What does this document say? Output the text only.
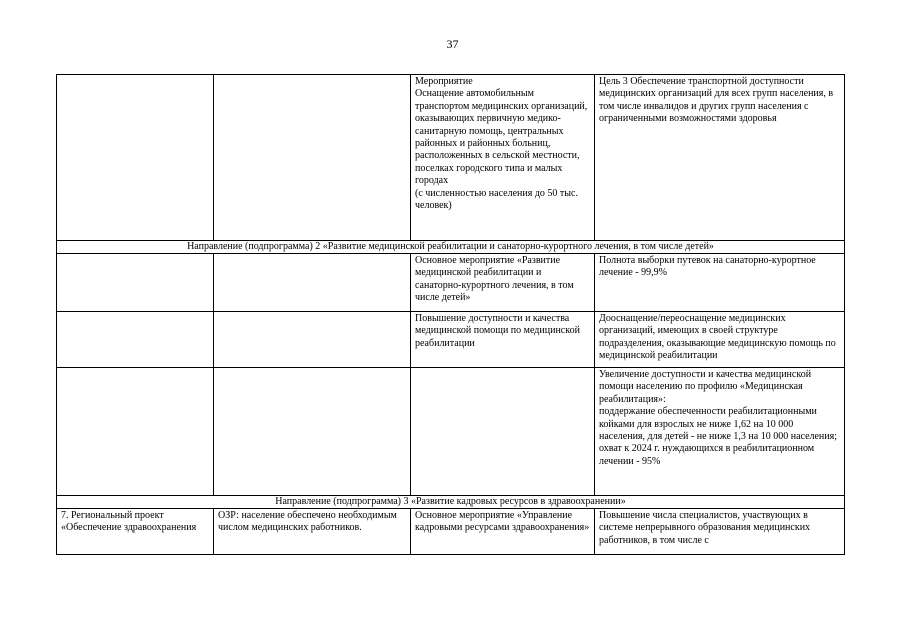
37

		Мероприятие
Оснащение автомобильным транспортом медицинских организаций, оказывающих первичную медико-санитарную помощь, центральных районных и районных больниц, расположенных в сельской местности, поселках городского типа и малых городах
(с численностью населения до 50 тыс. человек)	Цель 3 Обеспечение транспортной доступности медицинских организаций для всех групп населения, в том числе инвалидов и других групп населения с ограниченными возможностями здоровья
Направление (подпрограмма) 2 «Развитие медицинской реабилитации и санаторно-курортного лечения, в том числе детей»			
		Основное мероприятие «Развитие медицинской реабилитации и санаторно-курортного лечения, в том числе детей»	Полнота выборки путевок на санаторно-курортное лечение - 99,9%
		Повышение доступности и качества медицинской помощи по медицинской реабилитации	Дооснащение/переоснащение медицинских организаций, имеющих в своей структуре подразделения, оказывающие медицинскую помощь по медицинской реабилитации

			Увеличение доступности и качества медицинской помощи населению по профилю «Медицинская реабилитация»:
поддержание обеспеченности реабилитационными койками для взрослых не ниже 1,62 на 10 000 населения, для детей - не ниже 1,3 на 10 000 населения;
охват к 2024 г. нуждающихся в реабилитационном лечении - 95%

Направление (подпрограмма) 3 «Развитие кадровых ресурсов в здравоохранении»			
7. Региональный проект «Обеспечение здравоохранения	ОЗР: население обеспечено необходимым числом медицинских работников.	Основное мероприятие «Управление кадровыми ресурсами здравоохранения»	Повышение числа специалистов, участвующих в системе непрерывного образования медицинских работников, в том числе с
